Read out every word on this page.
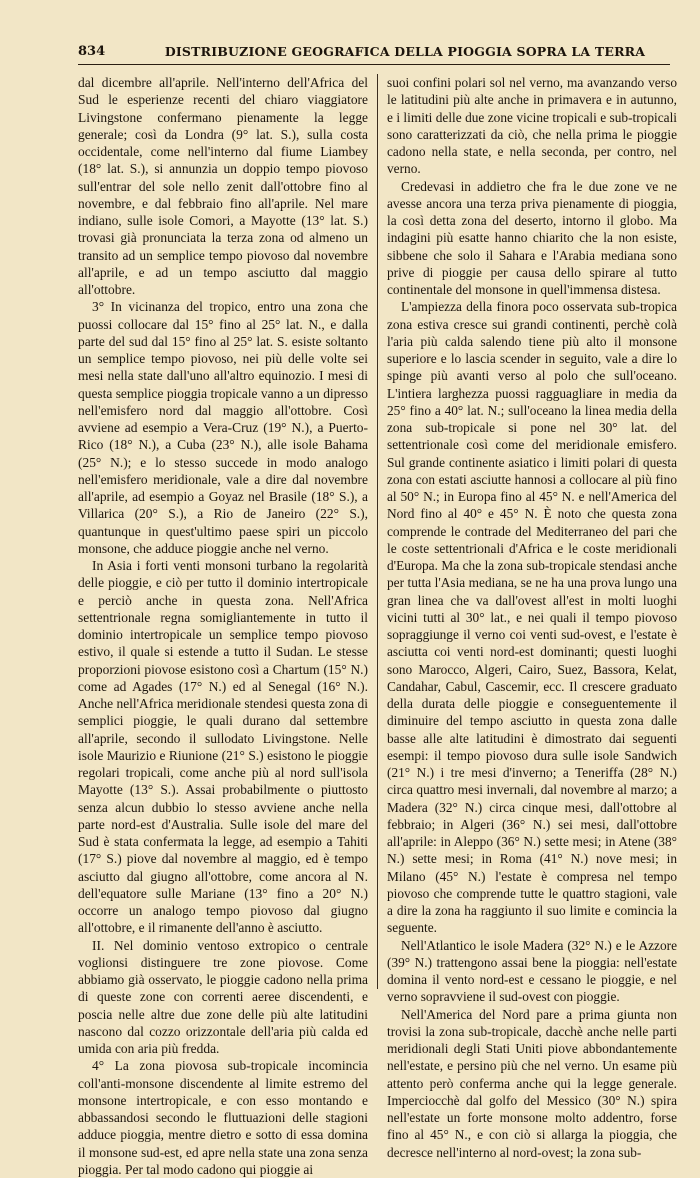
834	DISTRIBUZIONE GEOGRAFICA DELLA PIOGGIA SOPRA LA TERRA

dal dicembre all'aprile. Nell'interno dell'Africa del Sud le esperienze recenti del chiaro viaggiatore Livingstone confermano pienamente la legge generale; così da Londra (9° lat. S.), sulla costa occidentale, come nell'interno dal fiume Liambey (18° lat. S.), si annunzia un doppio tempo piovoso sull'entrar del sole nello zenit dall'ottobre fino al novembre, e dal febbraio fino all'aprile. Nel mare indiano, sulle isole Comori, a Mayotte (13° lat. S.) trovasi già pronunciata la terza zona od almeno un transito ad un semplice tempo piovoso dal novembre all'aprile, e ad un tempo asciutto dal maggio all'ottobre.

3° In vicinanza del tropico, entro una zona che puossi collocare dal 15° fino al 25° lat. N., e dalla parte del sud dal 15° fino al 25° lat. S. esiste soltanto un semplice tempo piovoso, nei più delle volte sei mesi nella state dall'uno all'altro equinozio. I mesi di questa semplice pioggia tropicale vanno a un dipresso nell'emisfero nord dal maggio all'ottobre. Così avviene ad esempio a Vera-Cruz (19° N.), a Puerto-Rico (18° N.), a Cuba (23° N.), alle isole Bahama (25° N.); e lo stesso succede in modo analogo nell'emisfero meridionale, vale a dire dal novembre all'aprile, ad esempio a Goyaz nel Brasile (18° S.), a Villarica (20° S.), a Rio de Janeiro (22° S.), quantunque in quest'ultimo paese spiri un piccolo monsone, che adduce pioggie anche nel verno.

In Asia i forti venti monsoni turbano la regolarità delle pioggie, e ciò per tutto il dominio intertropicale e perciò anche in questa zona. Nell'Africa settentrionale regna somigliantemente in tutto il dominio intertropicale un semplice tempo piovoso estivo, il quale si estende a tutto il Sudan. Le stesse proporzioni piovose esistono così a Chartum (15° N.) come ad Agades (17° N.) ed al Senegal (16° N.). Anche nell'Africa meridionale stendesi questa zona di semplici pioggie, le quali durano dal settembre all'aprile, secondo il sullodato Livingstone. Nelle isole Maurizio e Riunione (21° S.) esistono le pioggie regolari tropicali, come anche più al nord sull'isola Mayotte (13° S.). Assai probabilmente o piuttosto senza alcun dubbio lo stesso avviene anche nella parte nord-est d'Australia. Sulle isole del mare del Sud è stata confermata la legge, ad esempio a Tahiti (17° S.) piove dal novembre al maggio, ed è tempo asciutto dal giugno all'ottobre, come ancora al N. dell'equatore sulle Mariane (13° fino a 20° N.) occorre un analogo tempo piovoso dal giugno all'ottobre, e il rimanente dell'anno è asciutto.

II. Nel dominio ventoso extropico o centrale voglionsi distinguere tre zone piovose. Come abbiamo già osservato, le pioggie cadono nella prima di queste zone con correnti aeree discendenti, e poscia nelle altre due zone delle più alte latitudini nascono dal cozzo orizzontale dell'aria più calda ed umida con aria più fredda.

4° La zona piovosa sub-tropicale incomincia coll'anti-monsone discendente al limite estremo del monsone intertropicale, e con esso montando e abbassandosi secondo le fluttuazioni delle stagioni adduce pioggia, mentre dietro e sotto di essa domina il monsone sud-est, ed apre nella state una zona senza pioggia. Per tal modo cadono qui pioggie ai

suoi confini polari sol nel verno, ma avanzando verso le latitudini più alte anche in primavera e in autunno, e i limiti delle due zone vicine tropicali e sub-tropicali sono caratterizzati da ciò, che nella prima le pioggie cadono nella state, e nella seconda, per contro, nel verno.

Credevasi in addietro che fra le due zone ve ne avesse ancora una terza priva pienamente di pioggia, la così detta zona del deserto, intorno il globo. Ma indagini più esatte hanno chiarito che la non esiste, sibbene che solo il Sahara e l'Arabia mediana sono prive di pioggie per causa dello spirare al tutto continentale del monsone in quell'immensa distesa.

L'ampiezza della finora poco osservata sub-tropica zona estiva cresce sui grandi continenti, perchè colà l'aria più calda salendo tiene più alto il monsone superiore e lo lascia scender in seguito, vale a dire lo spinge più avanti verso al polo che sull'oceano. L'intiera larghezza puossi ragguagliare in media da 25° fino a 40° lat. N.; sull'oceano la linea media della zona sub-tropicale si pone nel 30° lat. del settentrionale così come del meridionale emisfero. Sul grande continente asiatico i limiti polari di questa zona con estati asciutte hannosi a collocare al più fino al 50° N.; in Europa fino al 45° N. e nell'America del Nord fino al 40° e 45° N. È noto che questa zona comprende le contrade del Mediterraneo del pari che le coste settentrionali d'Africa e le coste meridionali d'Europa. Ma che la zona sub-tropicale stendasi anche per tutta l'Asia mediana, se ne ha una prova lungo una gran linea che va dall'ovest all'est in molti luoghi vicini tutti al 30° lat., e nei quali il tempo piovoso sopraggiunge il verno coi venti sud-ovest, e l'estate è asciutta coi venti nord-est dominanti; questi luoghi sono Marocco, Algeri, Cairo, Suez, Bassora, Kelat, Candahar, Cabul, Cascemir, ecc. Il crescere graduato della durata delle pioggie e conseguentemente il diminuire del tempo asciutto in questa zona dalle basse alle alte latitudini è dimostrato dai seguenti esempi: il tempo piovoso dura sulle isole Sandwich (21° N.) i tre mesi d'inverno; a Teneriffa (28° N.) circa quattro mesi invernali, dal novembre al marzo; a Madera (32° N.) circa cinque mesi, dall'ottobre al febbraio; in Algeri (36° N.) sei mesi, dall'ottobre all'aprile: in Aleppo (36° N.) sette mesi; in Atene (38° N.) sette mesi; in Roma (41° N.) nove mesi; in Milano (45° N.) l'estate è compresa nel tempo piovoso che comprende tutte le quattro stagioni, vale a dire la zona ha raggiunto il suo limite e comincia la seguente.

Nell'Atlantico le isole Madera (32° N.) e le Azzore (39° N.) trattengono assai bene la pioggia: nell'estate domina il vento nord-est e cessano le pioggie, e nel verno sopravviene il sud-ovest con pioggie.

Nell'America del Nord pare a prima giunta non trovisi la zona sub-tropicale, dacchè anche nelle parti meridionali degli Stati Uniti piove abbondantemente nell'estate, e persino più che nel verno. Un esame più attento però conferma anche qui la legge generale. Imperciocchè dal golfo del Messico (30° N.) spira nell'estate un forte monsone molto addentro, forse fino al 45° N., e con ciò si allarga la pioggia, che decresce nell'interno al nord-ovest; la zona sub-
